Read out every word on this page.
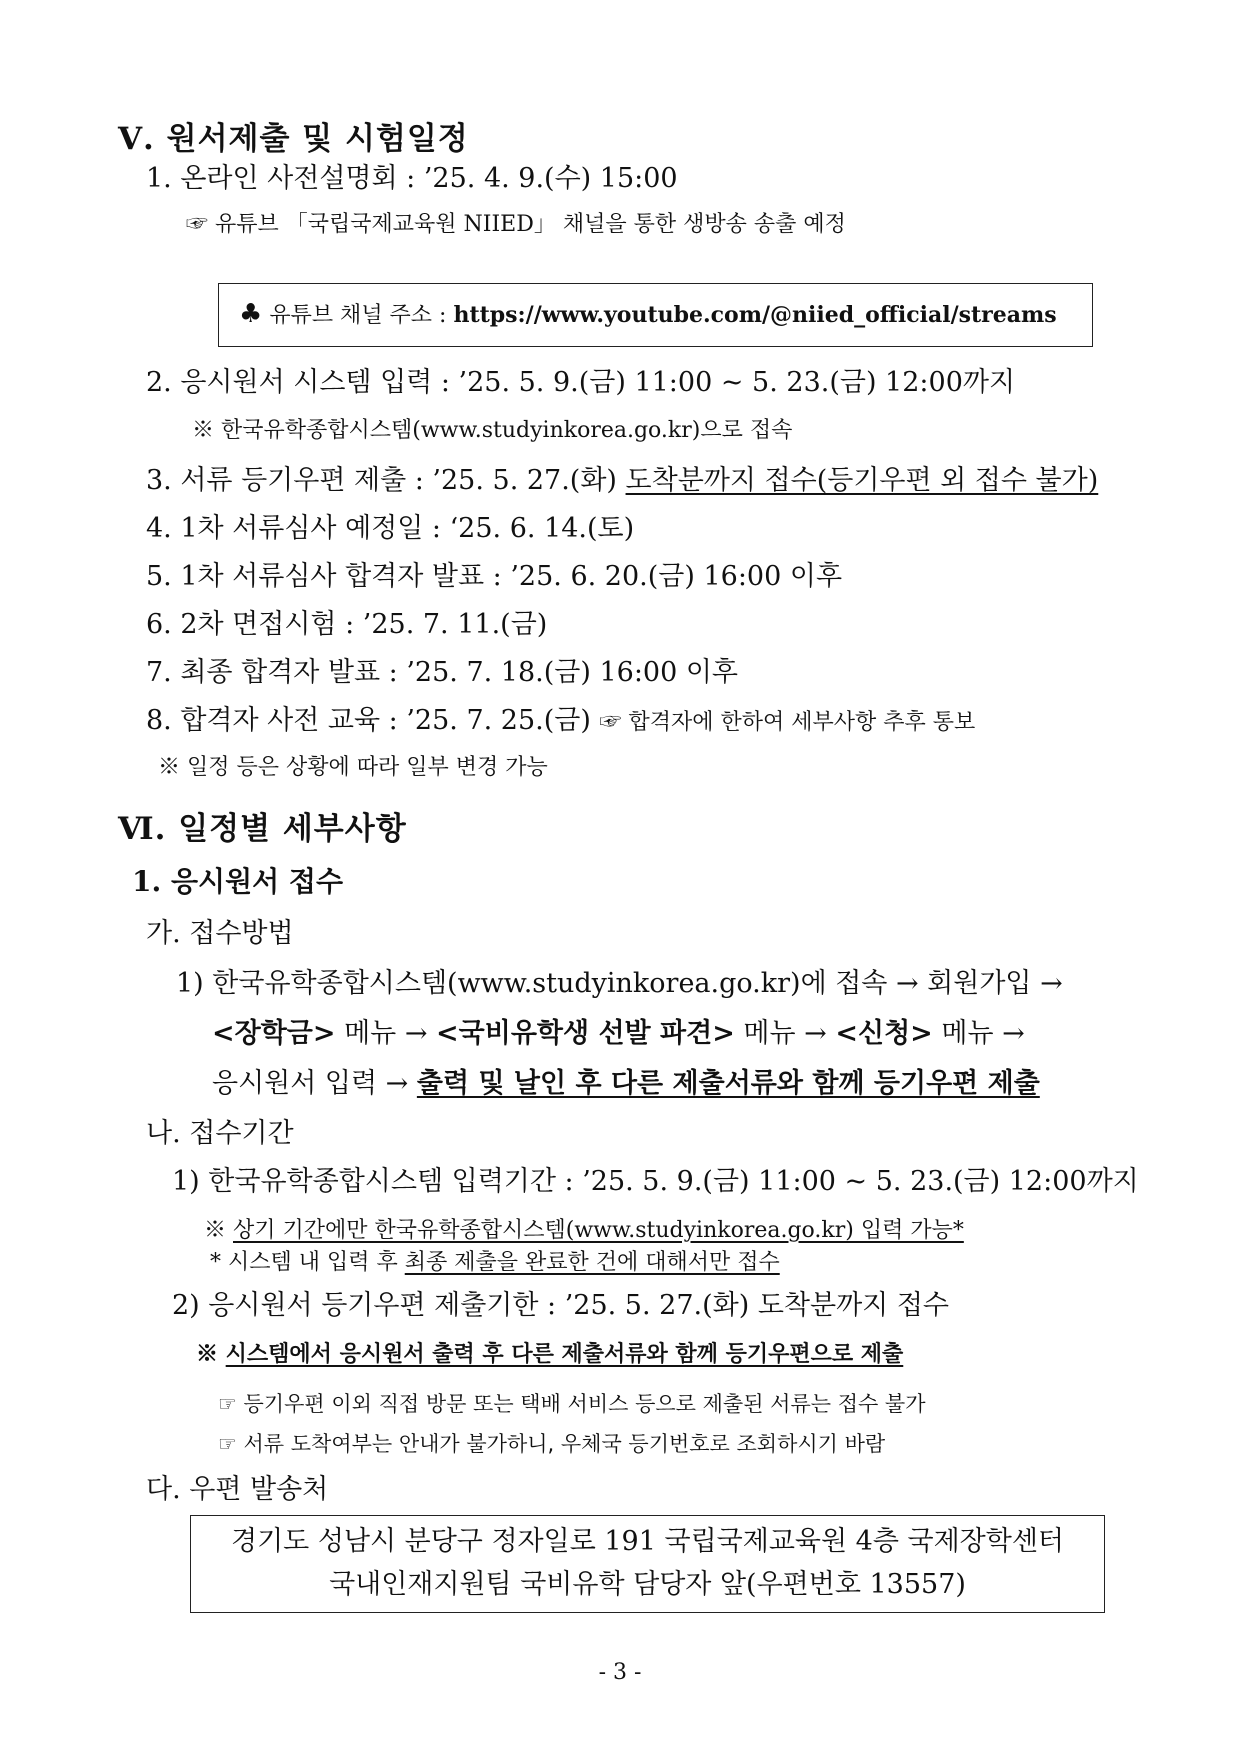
Ⅴ. 원서제출 및 시험일정
1. 온라인 사전설명회 : ’25. 4. 9.(수) 15:00
☞ 유튜브 「국립국제교육원 NIIED」 채널을 통한 생방송 송출 예정
♣ 유튜브 채널 주소 : https://www.youtube.com/@niied_official/streams
2. 응시원서 시스템 입력 : ’25. 5. 9.(금) 11:00 ~ 5. 23.(금) 12:00까지
※ 한국유학종합시스템(www.studyinkorea.go.kr)으로 접속
3. 서류 등기우편 제출 : ’25. 5. 27.(화) 도착분까지 접수(등기우편 외 접수 불가)
4. 1차 서류심사 예정일 : ‘25. 6. 14.(토)
5. 1차 서류심사 합격자 발표 : ’25. 6. 20.(금) 16:00 이후
6. 2차 면접시험 : ’25. 7. 11.(금)
7. 최종 합격자 발표 : ’25. 7. 18.(금) 16:00 이후
8. 합격자 사전 교육 : ’25. 7. 25.(금) ☞ 합격자에 한하여 세부사항 추후 통보
※ 일정 등은 상황에 따라 일부 변경 가능
Ⅵ. 일정별 세부사항
1. 응시원서 접수
가. 접수방법
1) 한국유학종합시스템(www.studyinkorea.go.kr)에 접속 → 회원가입 →
<장학금> 메뉴 → <국비유학생 선발 파견> 메뉴 → <신청> 메뉴 →
응시원서 입력 → 출력 및 날인 후 다른 제출서류와 함께 등기우편 제출
나. 접수기간
1) 한국유학종합시스템 입력기간 : ’25. 5. 9.(금) 11:00 ~ 5. 23.(금) 12:00까지
※ 상기 기간에만 한국유학종합시스템(www.studyinkorea.go.kr) 입력 가능*
* 시스템 내 입력 후 최종 제출을 완료한 건에 대해서만 접수
2) 응시원서 등기우편 제출기한 : ’25. 5. 27.(화) 도착분까지 접수
※ 시스템에서 응시원서 출력 후 다른 제출서류와 함께 등기우편으로 제출
☞ 등기우편 이외 직접 방문 또는 택배 서비스 등으로 제출된 서류는 접수 불가
☞ 서류 도착여부는 안내가 불가하니, 우체국 등기번호로 조회하시기 바람
다. 우편 발송처
경기도 성남시 분당구 정자일로 191 국립국제교육원 4층 국제장학센터
국내인재지원팀 국비유학 담당자 앞(우편번호 13557)
- 3 -
